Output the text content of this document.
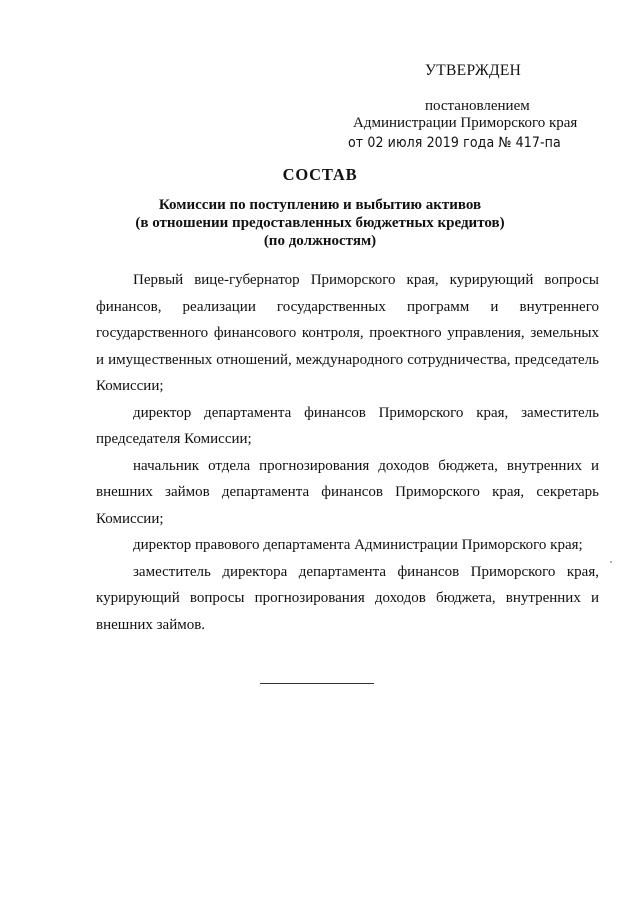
УТВЕРЖДЕН
постановлением
Администрации Приморского края
от 02 июля 2019 года № 417-па
СОСТАВ
Комиссии по поступлению и выбытию активов
(в отношении предоставленных бюджетных кредитов)
(по должностям)

Первый вице-губернатор Приморского края, курирующий вопросы финансов, реализации государственных программ и внутреннего государственного финансового контроля, проектного управления, земельных и имущественных отношений, международного сотрудничества, председатель Комиссии;

директор департамента финансов Приморского края, заместитель председателя Комиссии;

начальник отдела прогнозирования доходов бюджета, внутренних и внешних займов департамента финансов Приморского края, секретарь Комиссии;

директор правового департамента Администрации Приморского края;

заместитель директора департамента финансов Приморского края, курирующий вопросы прогнозирования доходов бюджета, внутренних и внешних займов.
